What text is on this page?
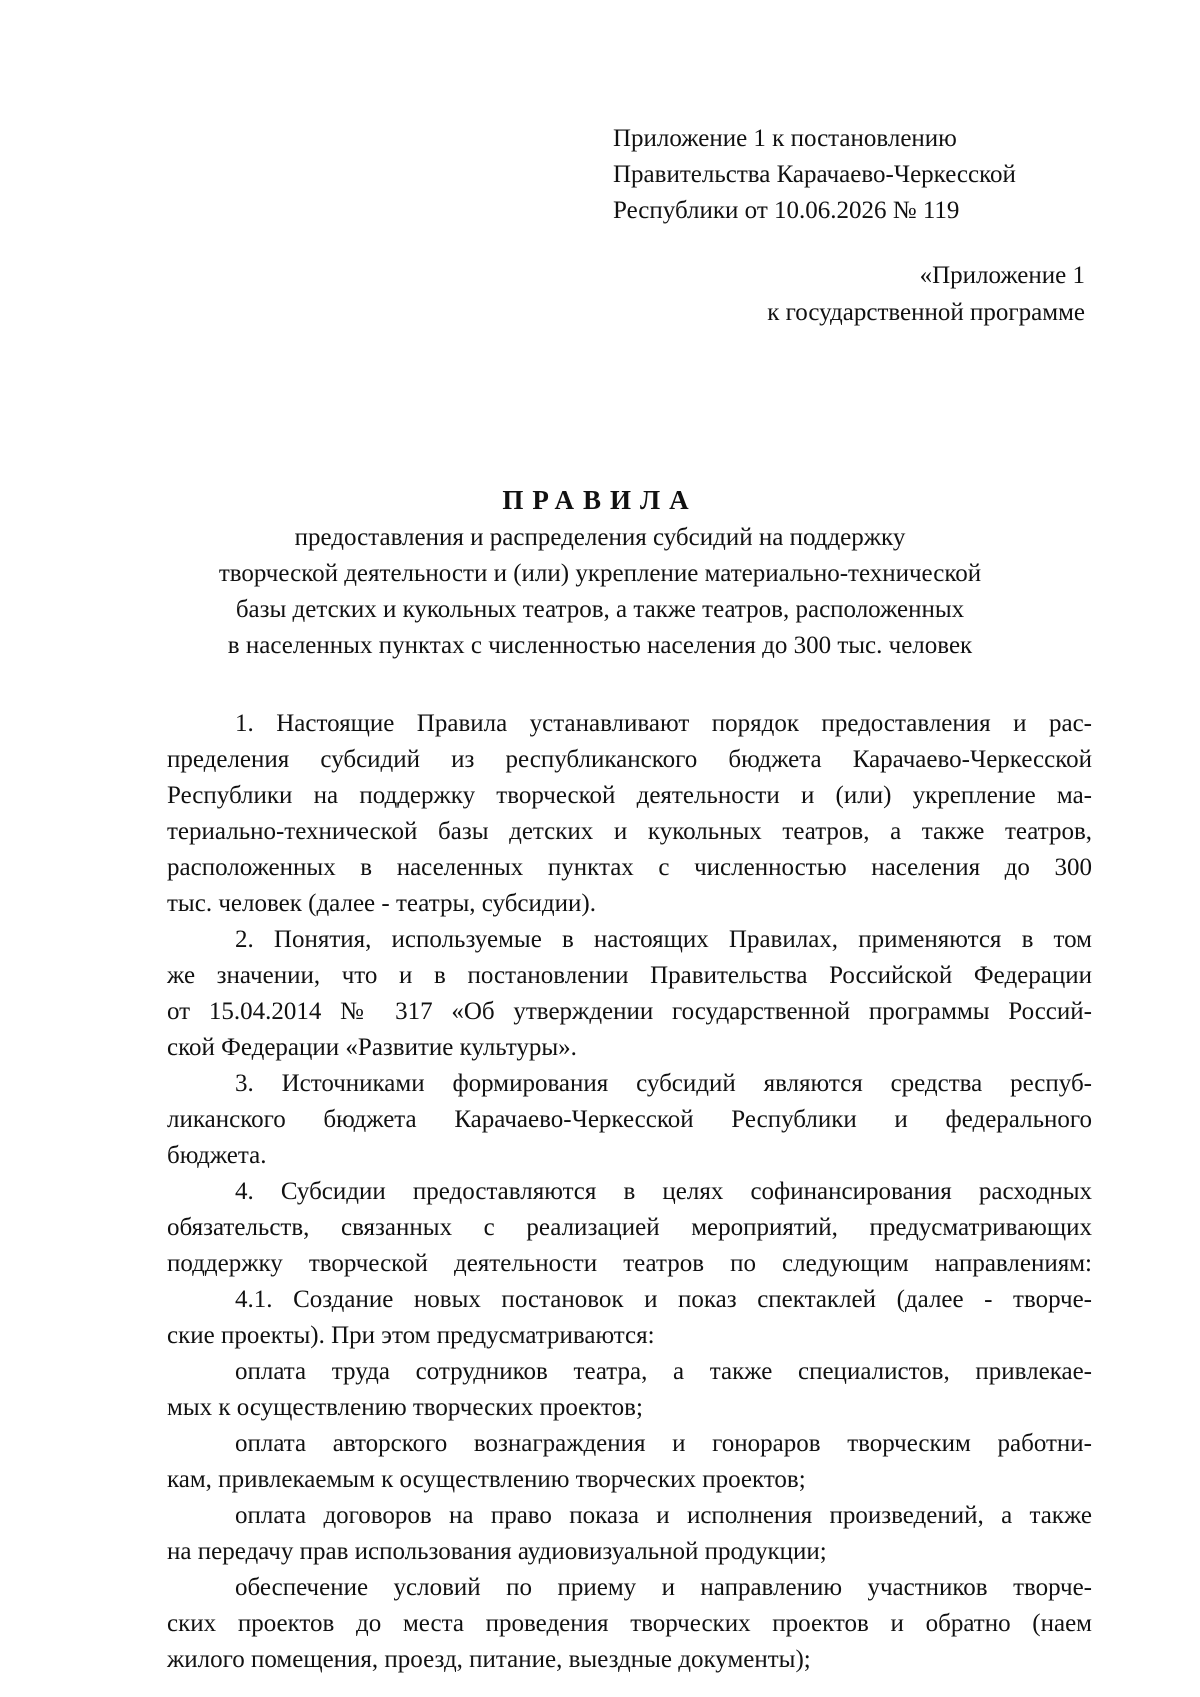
Приложение 1 к постановлению
Правительства Карачаево-Черкесской
Республики от 10.06.2026 № 119
«Приложение 1
к государственной программе
ПРАВИЛА
предоставления и распределения субсидий на поддержку
творческой деятельности и (или) укрепление материально-технической
базы детских и кукольных театров, а также театров, расположенных
в населенных пунктах с численностью населения до 300 тыс. человек
1. Настоящие Правила устанавливают порядок предоставления и рас-
пределения субсидий из республиканского бюджета Карачаево-Черкесской
Республики на поддержку творческой деятельности и (или) укрепление ма-
териально-технической базы детских и кукольных театров, а также театров,
расположенных в населенных пунктах с численностью населения до 300
тыс. человек (далее - театры, субсидии).
2. Понятия, используемые в настоящих Правилах, применяются в том
же значении, что и в постановлении Правительства Российской Федерации
от 15.04.2014 № 317 «Об утверждении государственной программы Россий-
ской Федерации «Развитие культуры».
3. Источниками формирования субсидий являются средства респуб-
ликанского бюджета Карачаево-Черкесской Республики и федерального
бюджета.
4. Субсидии предоставляются в целях софинансирования расходных
обязательств, связанных с реализацией мероприятий, предусматривающих
поддержку творческой деятельности театров по следующим направлениям:
4.1. Создание новых постановок и показ спектаклей (далее - творче-
ские проекты). При этом предусматриваются:
оплата труда сотрудников театра, а также специалистов, привлекае-
мых к осуществлению творческих проектов;
оплата авторского вознаграждения и гонораров творческим работни-
кам, привлекаемым к осуществлению творческих проектов;
оплата договоров на право показа и исполнения произведений, а также
на передачу прав использования аудиовизуальной продукции;
обеспечение условий по приему и направлению участников творче-
ских проектов до места проведения творческих проектов и обратно (наем
жилого помещения, проезд, питание, выездные документы);
